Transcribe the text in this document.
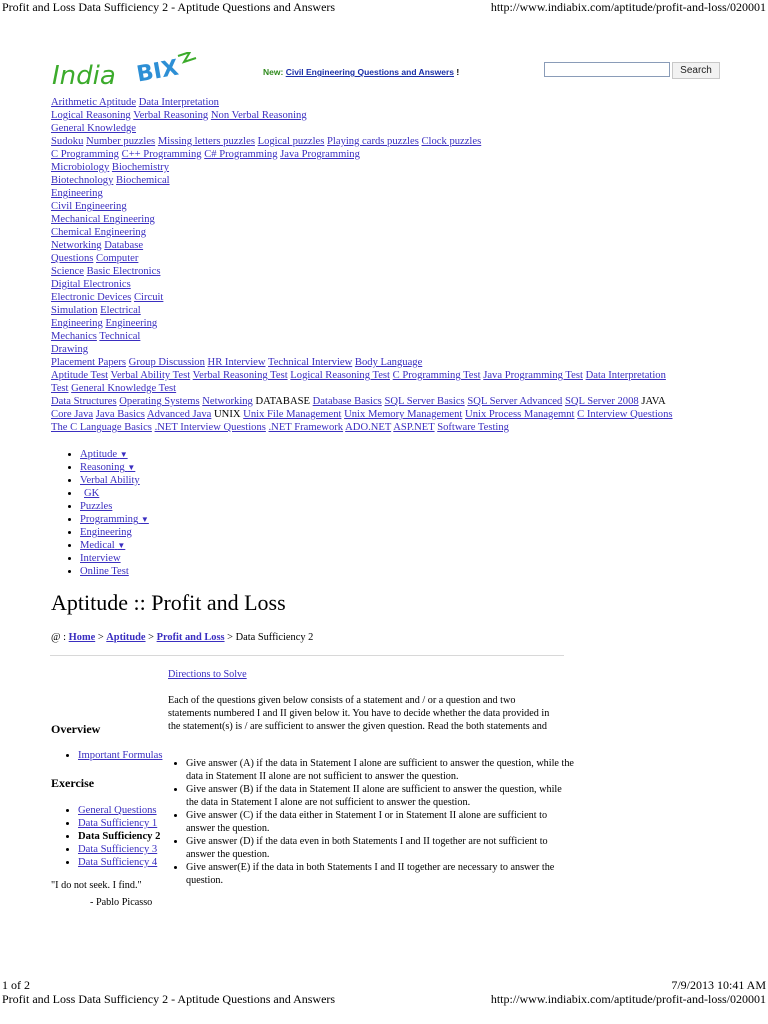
Profit and Loss Data Sufficiency 2 - Aptitude Questions and Answers	http://www.indiabix.com/aptitude/profit-and-loss/020001
1 of 2	7/9/2013 10:41 AM
Profit and Loss Data Sufficiency 2 - Aptitude Questions and Answers	http://www.indiabix.com/aptitude/profit-and-loss/020001
India BIX	New: Civil Engineering Questions and Answers !	Search
Arithmetic Aptitude Data Interpretation
Logical Reasoning Verbal Reasoning Non Verbal Reasoning
General Knowledge
Sudoku Number puzzles Missing letters puzzles Logical puzzles Playing cards puzzles Clock puzzles
C Programming C++ Programming C# Programming Java Programming
Microbiology Biochemistry
Biotechnology Biochemical
Engineering
Civil Engineering
Mechanical Engineering
Chemical Engineering
Networking Database
Questions Computer
Science Basic Electronics
Digital Electronics
Electronic Devices Circuit
Simulation Electrical
Engineering Engineering
Mechanics Technical
Drawing
Placement Papers Group Discussion HR Interview Technical Interview Body Language
Aptitude Test Verbal Ability Test Verbal Reasoning Test Logical Reasoning Test C Programming Test Java Programming Test Data Interpretation
Test General Knowledge Test
Data Structures Operating Systems Networking DATABASE Database Basics SQL Server Basics SQL Server Advanced SQL Server 2008 JAVA
Core Java Java Basics Advanced Java UNIX Unix File Management Unix Memory Management Unix Process Managemnt C Interview Questions
The C Language Basics .NET Interview Questions .NET Framework ADO.NET ASP.NET Software Testing
• Aptitude ▼
• Reasoning ▼
• Verbal Ability
• GK
• Puzzles
• Programming ▼
• Engineering
• Medical ▼
• Interview
• Online Test
Aptitude :: Profit and Loss
@ : Home > Aptitude > Profit and Loss > Data Sufficiency 2
Overview
• Important Formulas
Exercise
• General Questions
• Data Sufficiency 1
• Data Sufficiency 2
• Data Sufficiency 3
• Data Sufficiency 4
"I do not seek. I find."
- Pablo Picasso
Directions to Solve
Each of the questions given below consists of a statement and / or a question and two statements numbered I and II given below it. You have to decide whether the data provided in the statement(s) is / are sufficient to answer the given question. Read the both statements and
• Give answer (A) if the data in Statement I alone are sufficient to answer the question, while the data in Statement II alone are not sufficient to answer the question.
• Give answer (B) if the data in Statement II alone are sufficient to answer the question, while the data in Statement I alone are not sufficient to answer the question.
• Give answer (C) if the data either in Statement I or in Statement II alone are sufficient to answer the question.
• Give answer (D) if the data even in both Statements I and II together are not sufficient to answer the question.
• Give answer(E) if the data in both Statements I and II together are necessary to answer the question.
